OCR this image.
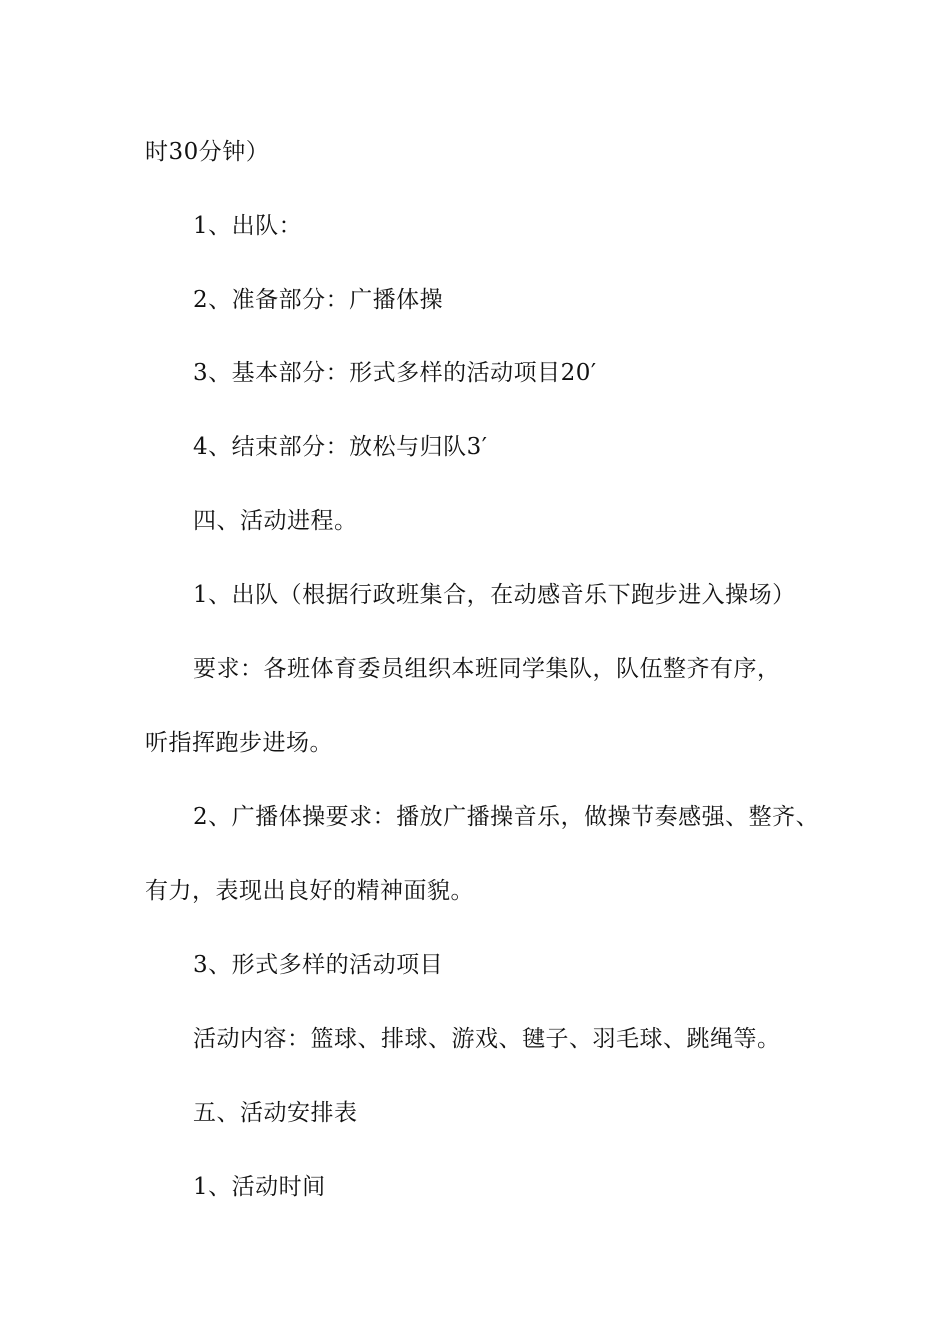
时30分钟）
1、出队：
2、准备部分：广播体操
3、基本部分：形式多样的活动项目20′
4、结束部分：放松与归队3′
四、活动进程。
1、出队（根据行政班集合，在动感音乐下跑步进入操场）
要求：各班体育委员组织本班同学集队，队伍整齐有序，
听指挥跑步进场。
2、广播体操要求：播放广播操音乐，做操节奏感强、整齐、
有力，表现出良好的精神面貌。
3、形式多样的活动项目
活动内容：篮球、排球、游戏、毽子、羽毛球、跳绳等。
五、活动安排表
1、活动时间
